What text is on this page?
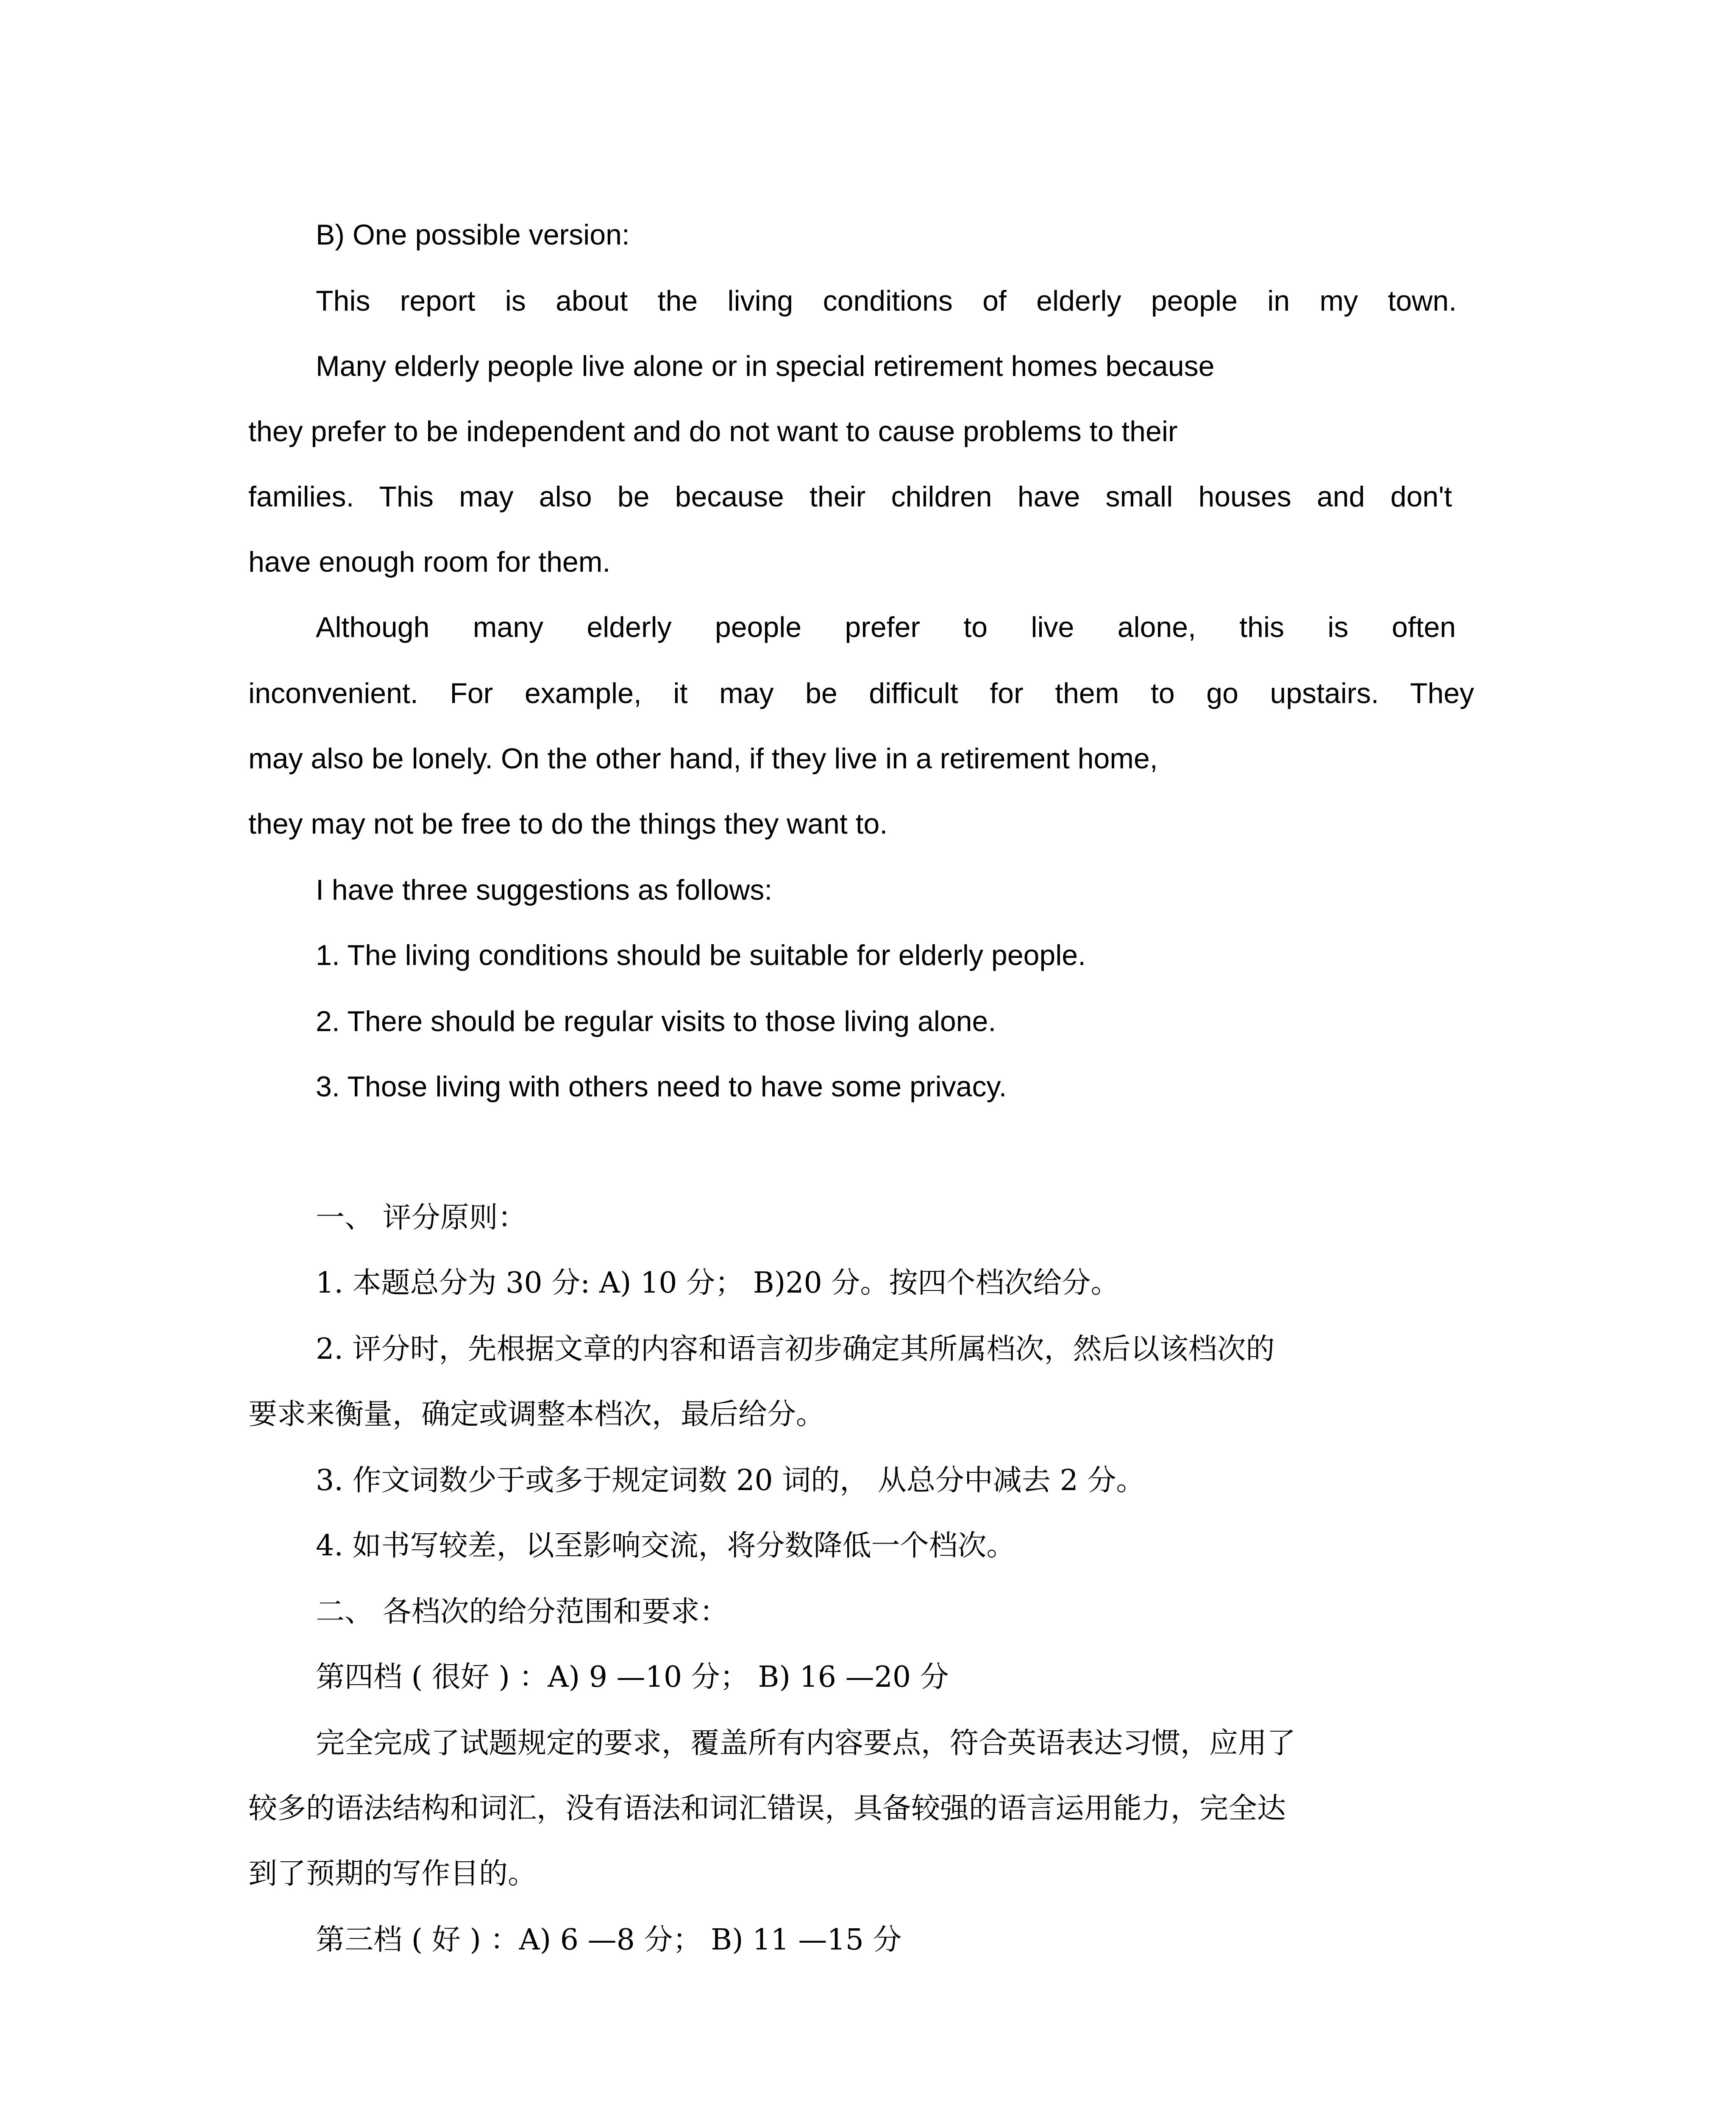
B) One possible version:

This report is about the living conditions of elderly people in my town.

Many elderly people live alone or in special retirement homes because

they prefer to be independent and do not want to cause problems to their

families. This may also be because their children have small houses and don't

have enough room for them.

Although many elderly people prefer to live alone, this is often

inconvenient. For example, it may be difficult for them to go upstairs. They

may also be lonely. On the other hand, if they live in a retirement home,

they may not be free to do the things they want to.

I have three suggestions as follows:

1. The living conditions should be suitable for elderly people.

2. There should be regular visits to those living alone.

3. Those living with others need to have some privacy.

一、 评分原则：

1. 本题总分为 30 分: A) 10 分； B)20 分。按四个档次给分。

2. 评分时，先根据文章的内容和语言初步确定其所属档次，然后以该档次的

要求来衡量，确定或调整本档次，最后给分。

3. 作文词数少于或多于规定词数 20 词的， 从总分中减去 2 分。

4. 如书写较差，以至影响交流，将分数降低一个档次。

二、 各档次的给分范围和要求：

第四档 ( 很好 ) ：A) 9 —10 分； B) 16 —20 分

完全完成了试题规定的要求，覆盖所有内容要点，符合英语表达习惯，应用了

较多的语法结构和词汇，没有语法和词汇错误，具备较强的语言运用能力，完全达

到了预期的写作目的。

第三档 ( 好 ) ：A) 6 —8 分； B) 11 —15 分
